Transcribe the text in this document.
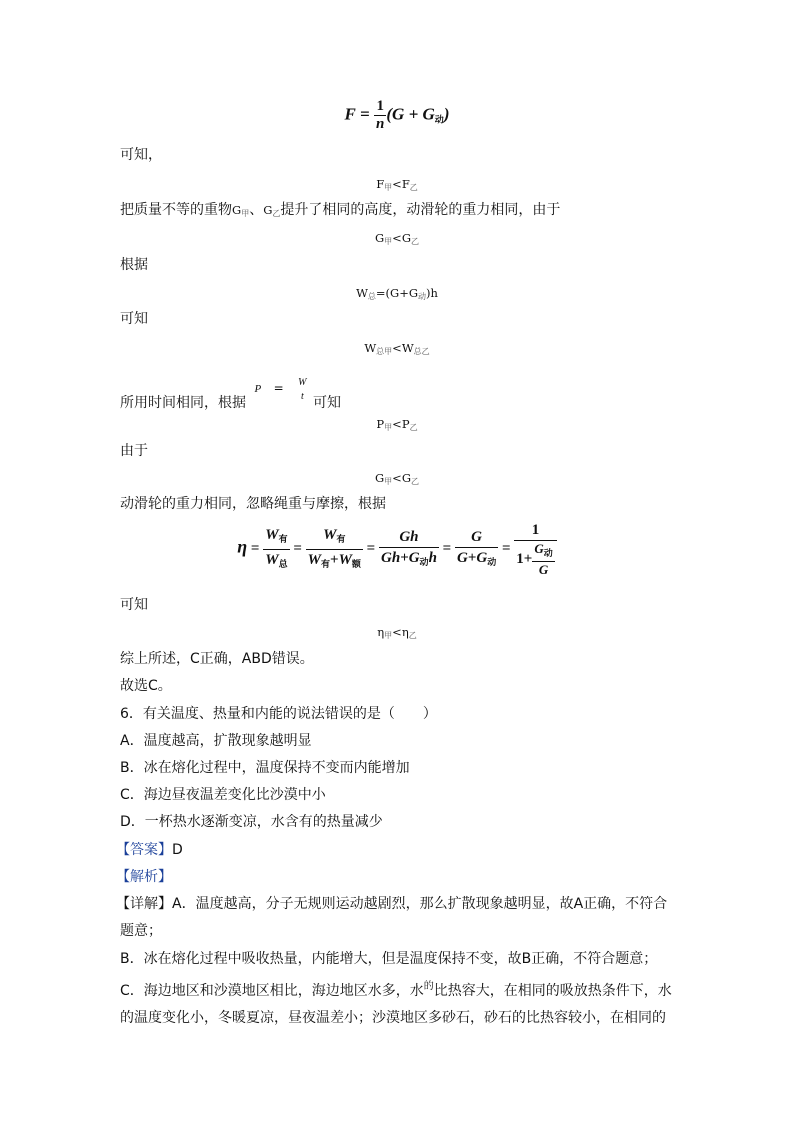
$F = \frac{1}{n} (G + G$动)
可知，
$F_甲<F_乙$
把质量不等的重物$G_甲$、$G_乙$提升了相同的高度，动滑轮的重力相同，由于
$G_甲<G_乙$
根据
$W_总=(G+G_动)h$
可知
$W_{总甲}<W_{总乙}$
所用时间相同，根据 P = W
t 可知
$P_甲<P_乙$
由于
$G_甲<G_乙$
动滑轮的重力相同，忽略绳重与摩擦，根据
$\eta = \frac{W_有}{W_总} = \frac{W_有}{W_有+W_额} = \frac{Gh}{Gh+G_动h} = \frac{G}{G+G_动} = \frac{1}{1+ \frac{G_动}{G}}$
可知
$\eta_甲<\eta_乙$
综上所述，C正确，ABD错误。
故选C。
6．有关温度、热量和内能的说法错误的是（　　）
A．温度越高，扩散现象越明显
B．冰在熔化过程中，温度保持不变而内能增加
C．海边昼夜温差变化比沙漠中小
D．一杯热水逐渐变凉，水含有的热量减少
【答案】D
【解析】
【详解】A．温度越高，分子无规则运动越剧烈，那么扩散现象越明显，故A正确，不符合
题意；
B．冰在熔化过程中吸收热量，内能增大，但是温度保持不变，故B正确，不符合题意；
C．海边地区和沙漠地区相比，海边地区水多，水$^的$比热容大，在相同的吸放热条件下，水
的温度变化小，冬暖夏凉，昼夜温差小；沙漠地区多砂石，砂石的比热容较小，在相同的
